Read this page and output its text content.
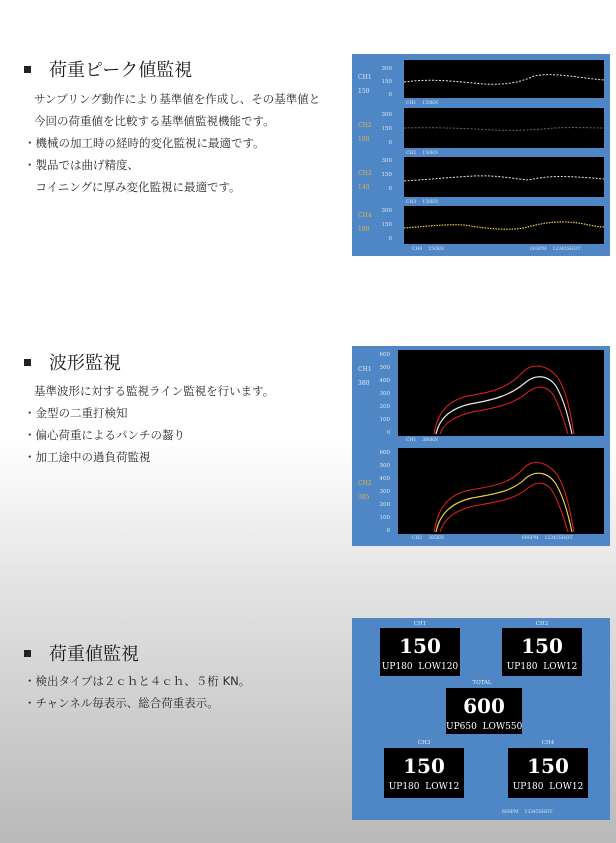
荷重ピーク値監視

サンプリング動作により基準値を作成し、その基準値と

今回の荷重値を比較する基準値監視機能です。

・機械の加工時の経時的変化監視に最適です。

・製品では曲げ精度、

　コイニングに厚み変化監視に最適です。

CH1
150
300
150
0
CH1 150KN
CH2
180
300
150
0
CH2 150KN
CH3
140
300
150
0
CH3 150KN
CH4
180
300
150
0
CH4 150KN	60SPM 12345SHOT
波形監視

基準波形に対する監視ライン監視を行います。

・金型の二重打検知

・偏心荷重によるパンチの齧り

・加工途中の過負荷監視

CH1
380
600
500
400
300
200
100
0
CH1 380KN
CH2
385
600
500
400
300
200
100
0
CH2 385KN	60SPM 12345SHOT
荷重値監視

・検出タイプは２ｃｈと４ｃｈ、５桁 KN。

・チャンネル毎表示、総合荷重表示。

CH1
150
UP180 LOW120
CH2
150
UP180 LOW12
TOTAL
600
UP650 LOW550
CH3
150
UP180 LOW12
CH4
150
UP180 LOW12
60SPM 12345SHOT
